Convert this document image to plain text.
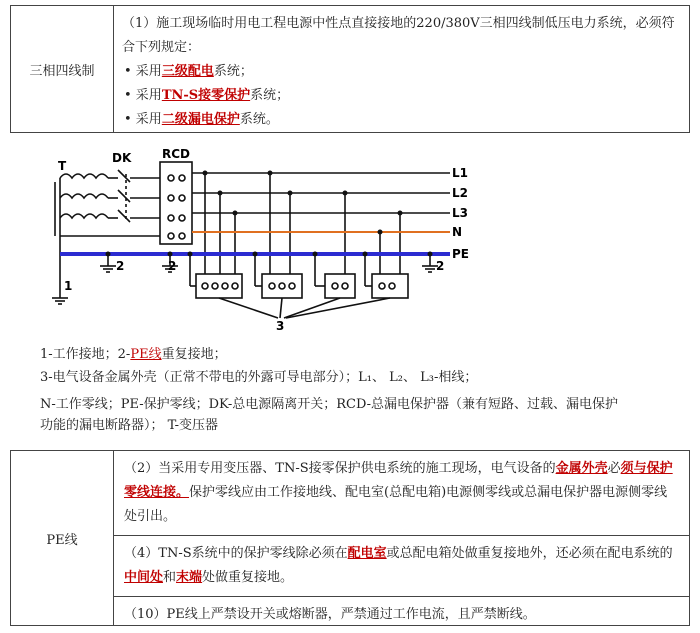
三相四线制
（1）施工现场临时用电工程电源中性点直接接地的220/380V三相四线制低压电力系统，必须符合下列规定：
• 采用三级配电系统；
• 采用TN-S接零保护系统；
• 采用二级漏电保护系统。
T
DK	RCD
L1
L2
L3
N
PE
1
2	2	2
3
1-工作接地；2-PE线重复接地；
3-电气设备金属外壳（正常不带电的外露可导电部分）；L₁、 L₂、 L₃-相线；
N-工作零线；PE-保护零线；DK-总电源隔离开关；RCD-总漏电保护器（兼有短路、过载、漏电保护
功能的漏电断路器）； T-变压器
PE线
（2）当采用专用变压器、TN-S接零保护供电系统的施工现场，电气设备的金属外壳必须与保护零线连接。保护零线应由工作接地线、配电室(总配电箱)电源侧零线或总漏电保护器电源侧零线处引出。
（4）TN-S系统中的保护零线除必须在配电室或总配电箱处做重复接地外，还必须在配电系统的中间处和末端处做重复接地。
（10）PE线上严禁设开关或熔断器，严禁通过工作电流，且严禁断线。
